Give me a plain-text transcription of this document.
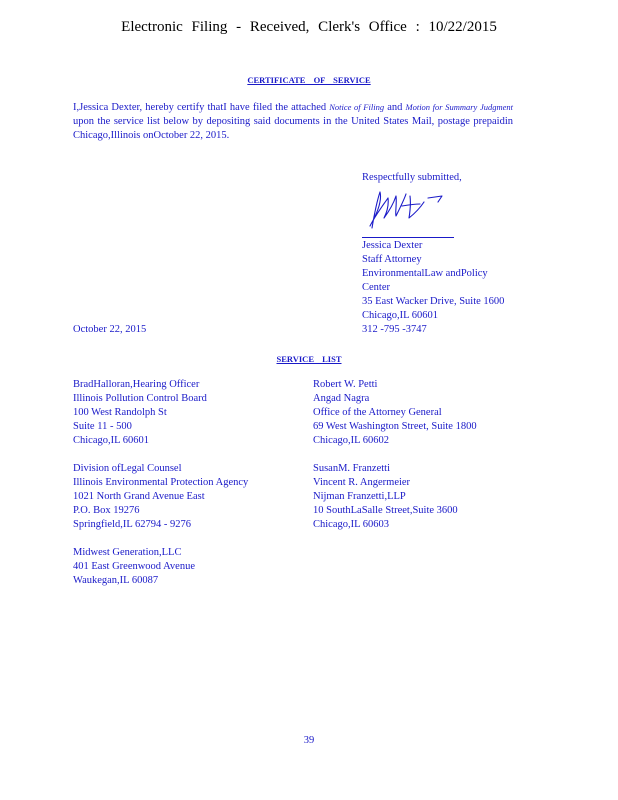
Electronic Filing - Received, Clerk's Office : 10/22/2015
CERTIFICATE OF SERVICE
I,Jessica Dexter, hereby certify thatI have filed the attached Notice of Filing and Motion for Summary Judgment upon the service list below by depositing said documents in the United States Mail, postage prepaidin Chicago,Illinois onOctober 22, 2015.
Respectfully submitted,
Jessica Dexter
Staff Attorney
EnvironmentalLaw andPolicy
Center
35 East Wacker Drive, Suite 1600
Chicago,IL 60601
312 -795 -3747
October 22, 2015
SERVICE LIST
BradHalloran,Hearing Officer
Illinois Pollution Control Board
100 West Randolph St
Suite 11 - 500
Chicago,IL 60601
Robert W. Petti
Angad Nagra
Office of the Attorney General
69 West Washington Street, Suite 1800
Chicago,IL 60602
Division ofLegal Counsel
Illinois Environmental Protection Agency
1021 North Grand Avenue East
P.O. Box 19276
Springfield,IL 62794 - 9276
SusanM. Franzetti
Vincent R. Angermeier
Nijman Franzetti,LLP
10 SouthLaSalle Street,Suite 3600
Chicago,IL 60603
Midwest Generation,LLC
401 East Greenwood Avenue
Waukegan,IL 60087
39
